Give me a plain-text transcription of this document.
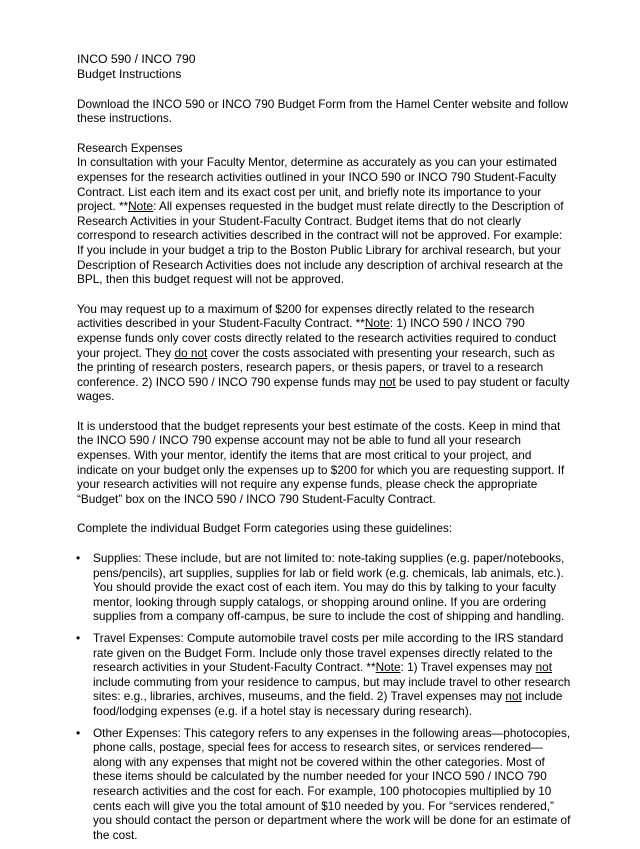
INCO 590 / INCO 790
Budget Instructions

Download the INCO 590 or INCO 790 Budget Form from the Hamel Center website and follow these instructions.

Research Expenses
In consultation with your Faculty Mentor, determine as accurately as you can your estimated expenses for the research activities outlined in your INCO 590 or INCO 790 Student-Faculty Contract. List each item and its exact cost per unit, and briefly note its importance to your project. **Note: All expenses requested in the budget must relate directly to the Description of Research Activities in your Student-Faculty Contract. Budget items that do not clearly correspond to research activities described in the contract will not be approved. For example: If you include in your budget a trip to the Boston Public Library for archival research, but your Description of Research Activities does not include any description of archival research at the BPL, then this budget request will not be approved.

You may request up to a maximum of $200 for expenses directly related to the research activities described in your Student-Faculty Contract. **Note: 1) INCO 590 / INCO 790 expense funds only cover costs directly related to the research activities required to conduct your project. They do not cover the costs associated with presenting your research, such as the printing of research posters, research papers, or thesis papers, or travel to a research conference. 2) INCO 590 / INCO 790 expense funds may not be used to pay student or faculty wages.

It is understood that the budget represents your best estimate of the costs. Keep in mind that the INCO 590 / INCO 790 expense account may not be able to fund all your research expenses. With your mentor, identify the items that are most critical to your project, and indicate on your budget only the expenses up to $200 for which you are requesting support. If your research activities will not require any expense funds, please check the appropriate “Budget” box on the INCO 590 / INCO 790 Student-Faculty Contract.

Complete the individual Budget Form categories using these guidelines:

• Supplies: These include, but are not limited to: note-taking supplies (e.g. paper/notebooks, pens/pencils), art supplies, supplies for lab or field work (e.g. chemicals, lab animals, etc.). You should provide the exact cost of each item. You may do this by talking to your faculty mentor, looking through supply catalogs, or shopping around online. If you are ordering supplies from a company off-campus, be sure to include the cost of shipping and handling.
• Travel Expenses: Compute automobile travel costs per mile according to the IRS standard rate given on the Budget Form. Include only those travel expenses directly related to the research activities in your Student-Faculty Contract. **Note: 1) Travel expenses may not include commuting from your residence to campus, but may include travel to other research sites: e.g., libraries, archives, museums, and the field. 2) Travel expenses may not include food/lodging expenses (e.g. if a hotel stay is necessary during research).
• Other Expenses: This category refers to any expenses in the following areas—photocopies, phone calls, postage, special fees for access to research sites, or services rendered—along with any expenses that might not be covered within the other categories. Most of these items should be calculated by the number needed for your INCO 590 / INCO 790 research activities and the cost for each. For example, 100 photocopies multiplied by 10 cents each will give you the total amount of $10 needed by you. For “services rendered,” you should contact the person or department where the work will be done for an estimate of the cost.
